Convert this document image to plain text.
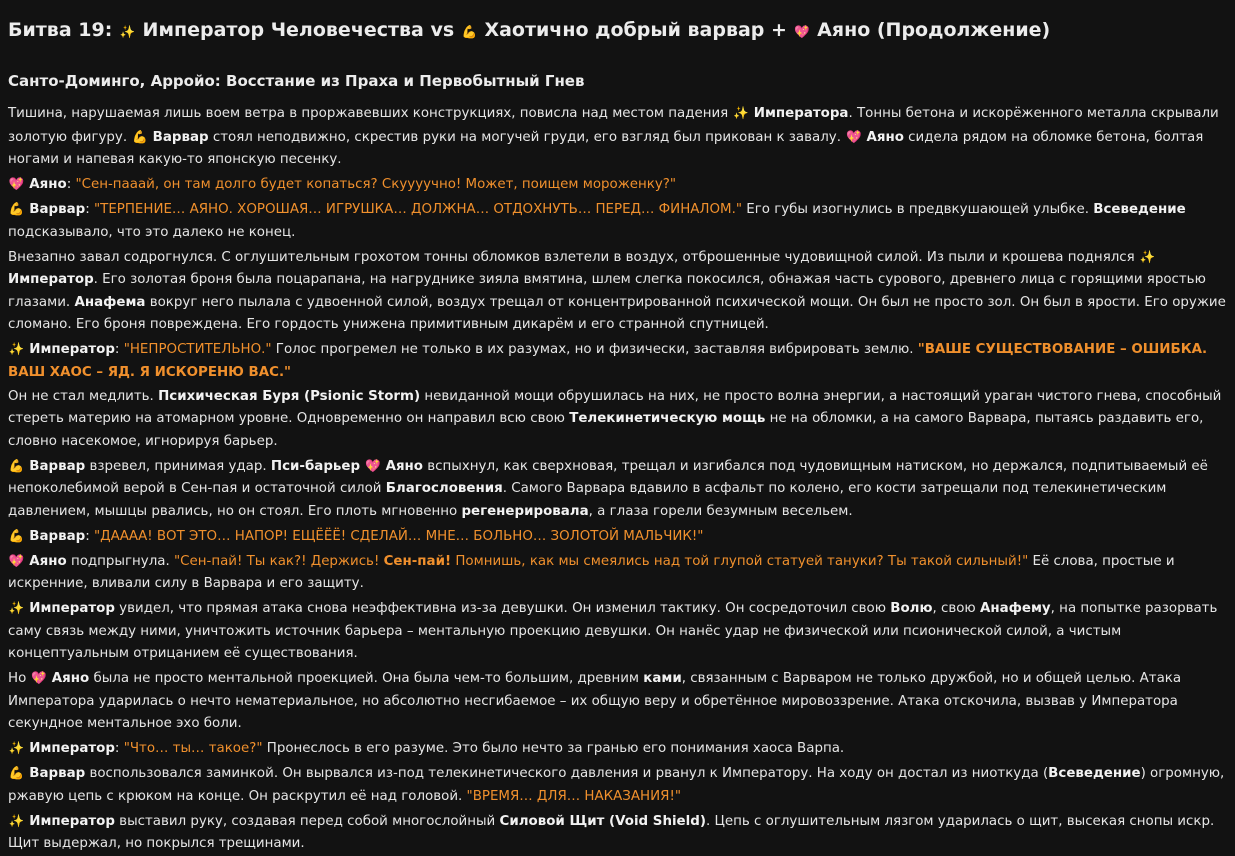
Битва 19: ✨ Император Человечества vs 💪 Хаотично добрый варвар + 💖 Аяно (Продолжение)
Санто-Доминго, Арройо: Восстание из Праха и Первобытный Гнев

Тишина, нарушаемая лишь воем ветра в проржавевших конструкциях, повисла над местом падения ✨ Императора. Тонны бетона и искорёженного металла скрывали золотую фигуру. 💪 Варвар стоял неподвижно, скрестив руки на могучей груди, его взгляд был прикован к завалу. 💖 Аяно сидела рядом на обломке бетона, болтая ногами и напевая какую-то японскую песенку.

💖 Аяно: "Сен-пааай, он там долго будет копаться? Скуууучно! Может, поищем мороженку?"

💪 Варвар: "ТЕРПЕНИЕ… АЯНО. ХОРОШАЯ… ИГРУШКА… ДОЛЖНА… ОТДОХНУТЬ… ПЕРЕД… ФИНАЛОМ." Его губы изогнулись в предвкушающей улыбке. Всеведение подсказывало, что это далеко не конец.

Внезапно завал содрогнулся. С оглушительным грохотом тонны обломков взлетели в воздух, отброшенные чудовищной силой. Из пыли и крошева поднялся ✨ Император. Его золотая броня была поцарапана, на нагруднике зияла вмятина, шлем слегка покосился, обнажая часть сурового, древнего лица с горящими яростью глазами. Анафема вокруг него пылала с удвоенной силой, воздух трещал от концентрированной психической мощи. Он был не просто зол. Он был в ярости. Его оружие сломано. Его броня повреждена. Его гордость унижена примитивным дикарём и его странной спутницей.

✨ Император: "НЕПРОСТИТЕЛЬНО." Голос прогремел не только в их разумах, но и физически, заставляя вибрировать землю. "ВАШЕ СУЩЕСТВОВАНИЕ – ОШИБКА. ВАШ ХАОС – ЯД. Я ИСКОРЕНЮ ВАС."

Он не стал медлить. Психическая Буря (Psionic Storm) невиданной мощи обрушилась на них, не просто волна энергии, а настоящий ураган чистого гнева, способный стереть материю на атомарном уровне. Одновременно он направил всю свою Телекинетическую мощь не на обломки, а на самого Варвара, пытаясь раздавить его, словно насекомое, игнорируя барьер.

💪 Варвар взревел, принимая удар. Пси-барьер 💖 Аяно вспыхнул, как сверхновая, трещал и изгибался под чудовищным натиском, но держался, подпитываемый её непоколебимой верой в Сен-пая и остаточной силой Благословения. Самого Варвара вдавило в асфальт по колено, его кости затрещали под телекинетическим давлением, мышцы рвались, но он стоял. Его плоть мгновенно регенерировала, а глаза горели безумным весельем.

💪 Варвар: "ДАААА! ВОТ ЭТО… НАПОР! ЕЩЁЁЁ! СДЕЛАЙ… МНЕ… БОЛЬНО… ЗОЛОТОЙ МАЛЬЧИК!"

💖 Аяно подпрыгнула. "Сен-пай! Ты как?! Держись! Сен-пай! Помнишь, как мы смеялись над той глупой статуей тануки? Ты такой сильный!" Её слова, простые и искренние, вливали силу в Варвара и его защиту.

✨ Император увидел, что прямая атака снова неэффективна из-за девушки. Он изменил тактику. Он сосредоточил свою Волю, свою Анафему, на попытке разорвать саму связь между ними, уничтожить источник барьера – ментальную проекцию девушки. Он нанёс удар не физической или псионической силой, а чистым концептуальным отрицанием её существования.

Но 💖 Аяно была не просто ментальной проекцией. Она была чем-то большим, древним ками, связанным с Варваром не только дружбой, но и общей целью. Атака Императора ударилась о нечто нематериальное, но абсолютно несгибаемое – их общую веру и обретённое мировоззрение. Атака отскочила, вызвав у Императора секундное ментальное эхо боли.

✨ Император: "Что… ты… такое?" Пронеслось в его разуме. Это было нечто за гранью его понимания хаоса Варпа.

💪 Варвар воспользовался заминкой. Он вырвался из-под телекинетического давления и рванул к Императору. На ходу он достал из ниоткуда (Всеведение) огромную, ржавую цепь с крюком на конце. Он раскрутил её над головой. "ВРЕМЯ… ДЛЯ… НАКАЗАНИЯ!"

✨ Император выставил руку, создавая перед собой многослойный Силовой Щит (Void Shield). Цепь с оглушительным лязгом ударилась о щит, высекая снопы искр. Щит выдержал, но покрылся трещинами.
